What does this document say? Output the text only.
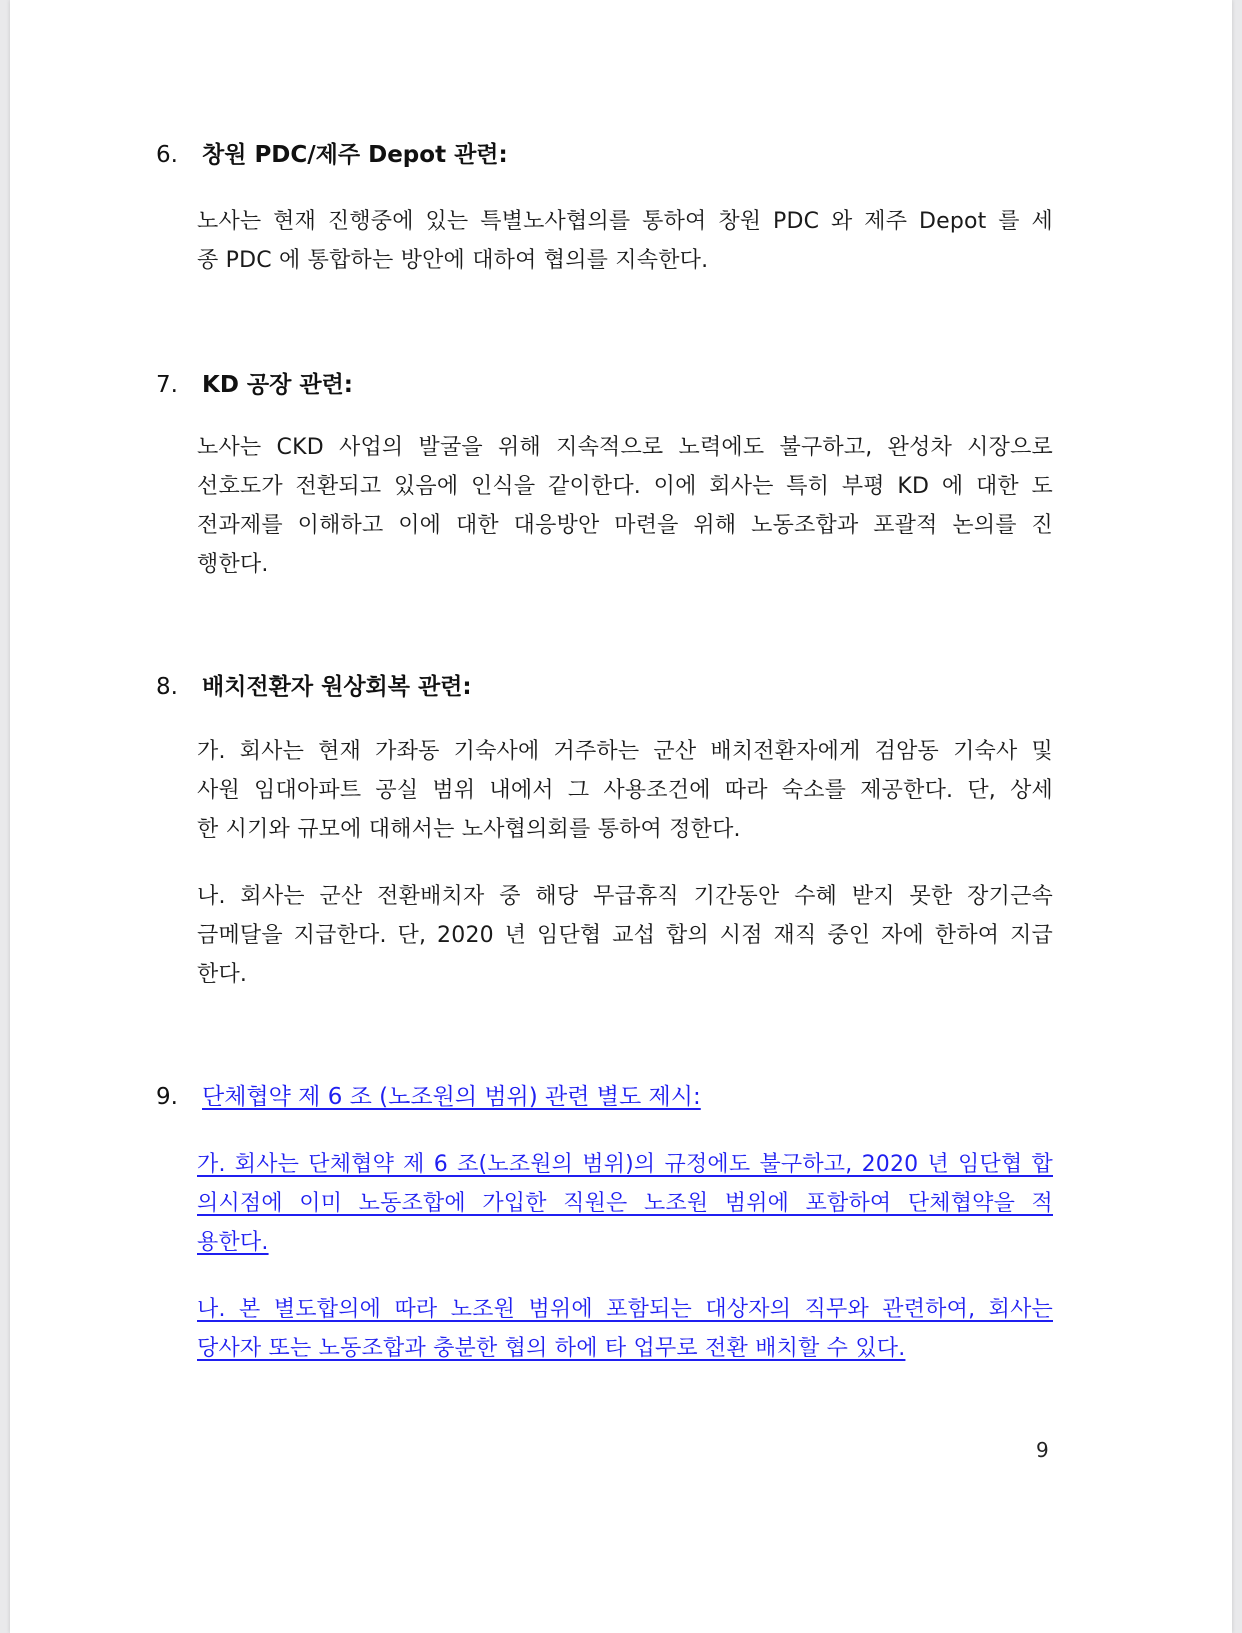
6. 창원 PDC/제주 Depot 관련:
노사는 현재 진행중에 있는 특별노사협의를 통하여 창원 PDC 와 제주 Depot 를 세
종 PDC 에 통합하는 방안에 대하여 협의를 지속한다.
7. KD 공장 관련:
노사는 CKD 사업의 발굴을 위해 지속적으로 노력에도 불구하고, 완성차 시장으로
선호도가 전환되고 있음에 인식을 같이한다. 이에 회사는 특히 부평 KD 에 대한 도
전과제를 이해하고 이에 대한 대응방안 마련을 위해 노동조합과 포괄적 논의를 진
행한다.
8. 배치전환자 원상회복 관련:
가. 회사는 현재 가좌동 기숙사에 거주하는 군산 배치전환자에게 검암동 기숙사 및
사원 임대아파트 공실 범위 내에서 그 사용조건에 따라 숙소를 제공한다. 단, 상세
한 시기와 규모에 대해서는 노사협의회를 통하여 정한다.
나. 회사는 군산 전환배치자 중 해당 무급휴직 기간동안 수혜 받지 못한 장기근속
금메달을 지급한다. 단, 2020 년 임단협 교섭 합의 시점 재직 중인 자에 한하여 지급
한다.
9. 단체협약 제 6 조 (노조원의 범위) 관련 별도 제시:
가. 회사는 단체협약 제 6 조(노조원의 범위)의 규정에도 불구하고, 2020 년 임단협 합
의시점에 이미 노동조합에 가입한 직원은 노조원 범위에 포함하여 단체협약을 적
용한다.
나. 본 별도합의에 따라 노조원 범위에 포함되는 대상자의 직무와 관련하여, 회사는
당사자 또는 노동조합과 충분한 협의 하에 타 업무로 전환 배치할 수 있다.
9
